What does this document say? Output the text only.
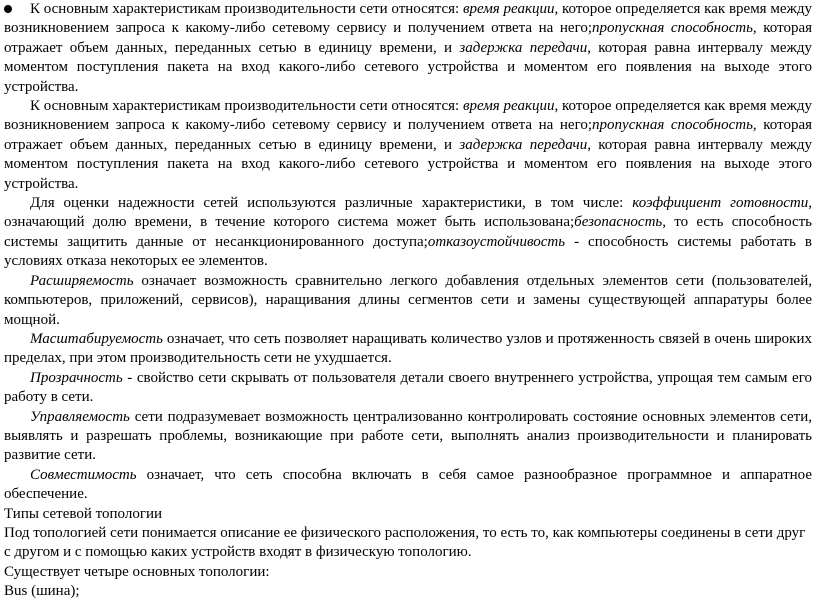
К основным характеристикам производительности сети относятся: время реакции, которое определяется как время между возникновением запроса к какому-либо сетевому сервису и получением ответа на него;пропускная способность, которая отражает объем данных, переданных сетью в единицу времени, и задержка передачи, которая равна интервалу между моментом поступления пакета на вход какого-либо сетевого устройства и моментом его появления на выходе этого устройства.

К основным характеристикам производительности сети относятся: время реакции, которое определяется как время между возникновением запроса к какому-либо сетевому сервису и получением ответа на него;пропускная способность, которая отражает объем данных, переданных сетью в единицу времени, и задержка передачи, которая равна интервалу между моментом поступления пакета на вход какого-либо сетевого устройства и моментом его появления на выходе этого устройства.

Для оценки надежности сетей используются различные характеристики, в том числе: коэффициент готовности, означающий долю времени, в течение которого система может быть использована;безопасность, то есть способность системы защитить данные от несанкционированного доступа;отказоустойчивость - способность системы работать в условиях отказа некоторых ее элементов.

Расширяемость означает возможность сравнительно легкого добавления отдельных элементов сети (пользователей, компьютеров, приложений, сервисов), наращивания длины сегментов сети и замены существующей аппаратуры более мощной.

Масштабируемость означает, что сеть позволяет наращивать количество узлов и протяженность связей в очень широких пределах, при этом производительность сети не ухудшается.

Прозрачность - свойство сети скрывать от пользователя детали своего внутреннего устройства, упрощая тем самым его работу в сети.

Управляемость сети подразумевает возможность централизованно контролировать состояние основных элементов сети, выявлять и разрешать проблемы, возникающие при работе сети, выполнять анализ производительности и планировать развитие сети.

Совместимость означает, что сеть способна включать в себя самое разнообразное программное и аппаратное обеспечение.

Типы сетевой топологии

Под топологией сети понимается описание ее физического расположения, то есть то, как компьютеры соединены в сети друг с другом и с помощью каких устройств входят в физическую топологию.

Существует четыре основных топологии:

Bus (шина);
